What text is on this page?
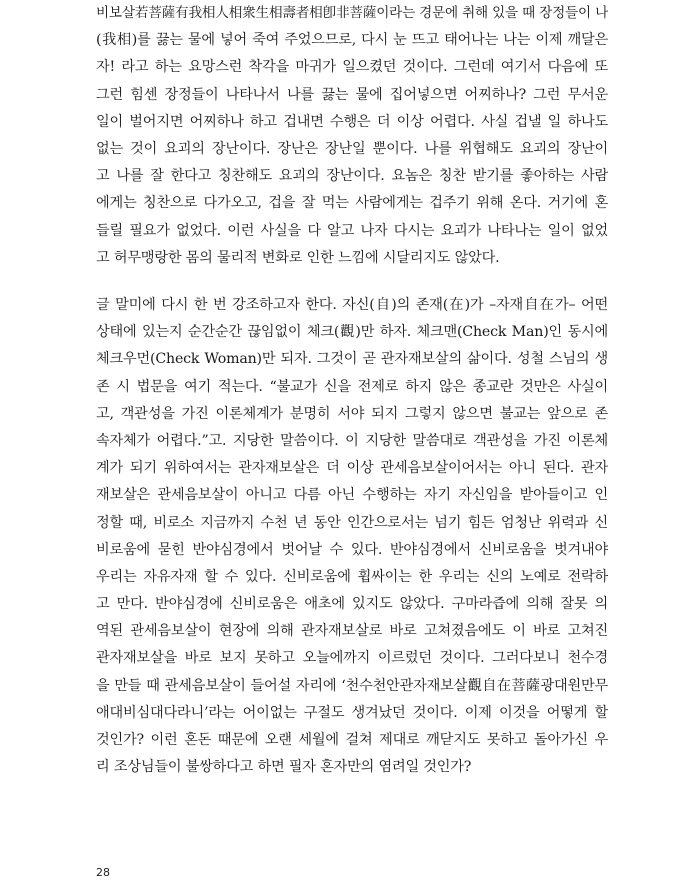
비보살若菩薩有我相人相衆生相壽者相卽非菩薩이라는 경문에 취해 있을 때 장정들이 나
(我相)를 끓는 물에 넣어 죽여 주었으므로, 다시 눈 뜨고 태어나는 나는 이제 깨달은
자! 라고 하는 요망스런 착각을 마귀가 일으켰던 것이다. 그런데 여기서 다음에 또
그런 힘센 장정들이 나타나서 나를 끓는 물에 집어넣으면 어찌하나? 그런 무서운
일이 벌어지면 어찌하나 하고 겁내면 수행은 더 이상 어렵다. 사실 겁낼 일 하나도
없는 것이 요괴의 장난이다. 장난은 장난일 뿐이다. 나를 위협해도 요괴의 장난이
고 나를 잘 한다고 칭찬해도 요괴의 장난이다. 요놈은 칭찬 받기를 좋아하는 사람
에게는 칭찬으로 다가오고, 겁을 잘 먹는 사람에게는 겁주기 위해 온다. 거기에 혼
들릴 필요가 없었다. 이런 사실을 다 알고 나자 다시는 요괴가 나타나는 일이 없었
고 허무맹랑한 몸의 물리적 변화로 인한 느낌에 시달리지도 않았다.
글 말미에 다시 한 번 강조하고자 한다. 자신(自)의 존재(在)가 –자재自在가– 어떤
상태에 있는지 순간순간 끊임없이 체크(觀)만 하자. 체크맨(Check Man)인 동시에
체크우먼(Check Woman)만 되자. 그것이 곧 관자재보살의 삶이다. 성철 스님의 생
존 시 법문을 여기 적는다. “불교가 신을 전제로 하지 않은 종교란 것만은 사실이
고, 객관성을 가진 이론체계가 분명히 서야 되지 그렇지 않으면 불교는 앞으로 존
속자체가 어렵다.”고. 지당한 말씀이다. 이 지당한 말씀대로 객관성을 가진 이론체
계가 되기 위하여서는 관자재보살은 더 이상 관세음보살이어서는 아니 된다. 관자
재보살은 관세음보살이 아니고 다름 아닌 수행하는 자기 자신임을 받아들이고 인
정할 때, 비로소 지금까지 수천 년 동안 인간으로서는 넘기 힘든 엄청난 위력과 신
비로움에 묻힌 반야심경에서 벗어날 수 있다. 반야심경에서 신비로움을 벗겨내야
우리는 자유자재 할 수 있다. 신비로움에 휩싸이는 한 우리는 신의 노예로 전락하
고 만다. 반야심경에 신비로움은 애초에 있지도 않았다. 구마라즙에 의해 잘못 의
역된 관세음보살이 현장에 의해 관자재보살로 바로 고쳐졌음에도 이 바로 고쳐진
관자재보살을 바로 보지 못하고 오늘에까지 이르렀던 것이다. 그러다보니 천수경
을 만들 때 관세음보살이 들어설 자리에 ‘천수천안관자재보살觀自在菩薩광대원만무
애대비심대다라니’라는 어이없는 구절도 생겨났던 것이다. 이제 이것을 어떻게 할
것인가? 이런 혼돈 때문에 오랜 세월에 걸쳐 제대로 깨닫지도 못하고 돌아가신 우
리 조상님들이 불쌍하다고 하면 필자 혼자만의 염려일 것인가?
28
